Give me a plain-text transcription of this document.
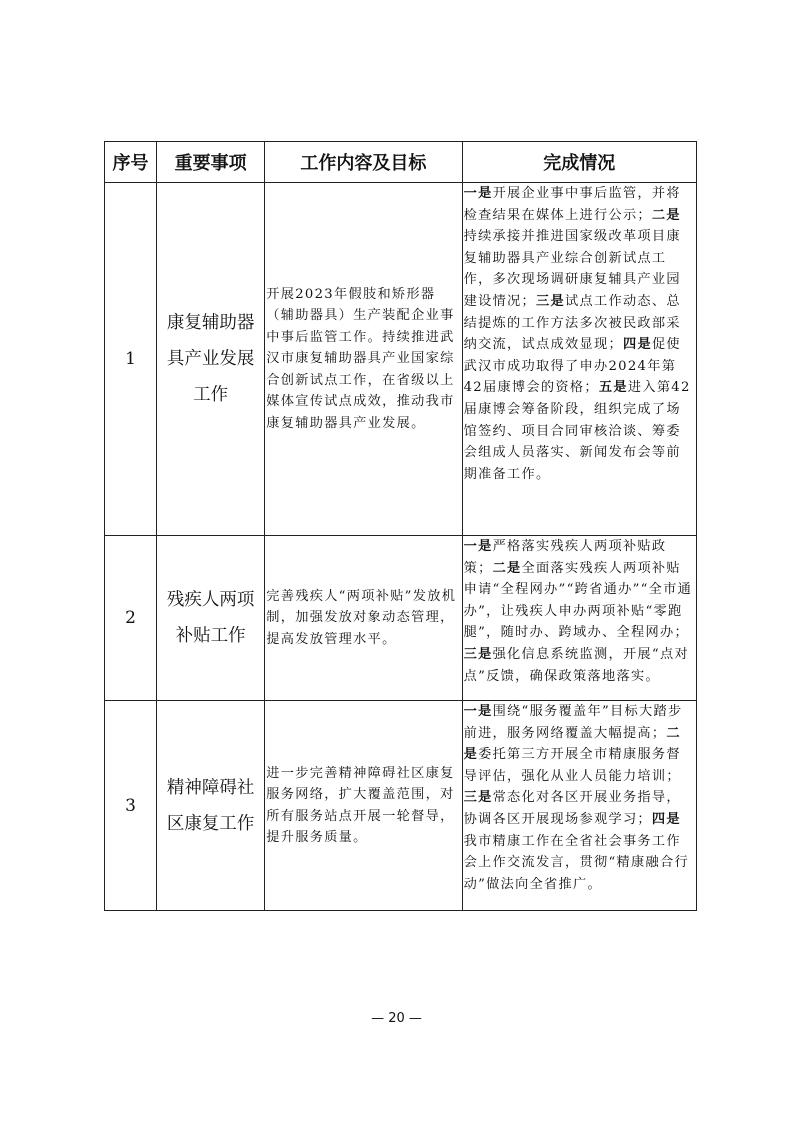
序号	重要事项	工作内容及目标	完成情况
1	康复辅助器具产业发展工作	开展2023年假肢和矫形器（辅助器具）生产装配企业事中事后监管工作。持续推进武汉市康复辅助器具产业国家综合创新试点工作，在省级以上媒体宣传试点成效，推动我市康复辅助器具产业发展。	一是开展企业事中事后监管，并将检查结果在媒体上进行公示；二是持续承接并推进国家级改革项目康复辅助器具产业综合创新试点工作，多次现场调研康复辅具产业园建设情况；三是试点工作动态、总结提炼的工作方法多次被民政部采纳交流，试点成效显现；四是促使武汉市成功取得了申办2024年第42届康博会的资格；五是进入第42届康博会筹备阶段，组织完成了场馆签约、项目合同审核洽谈、筹委会组成人员落实、新闻发布会等前期准备工作。
2	残疾人两项补贴工作	完善残疾人“两项补贴”发放机制，加强发放对象动态管理，提高发放管理水平。	一是严格落实残疾人两项补贴政策；二是全面落实残疾人两项补贴申请“全程网办”“跨省通办”“全市通办”，让残疾人申办两项补贴“零跑腿”，随时办、跨域办、全程网办；三是强化信息系统监测，开展“点对点”反馈，确保政策落地落实。
3	精神障碍社区康复工作	进一步完善精神障碍社区康复服务网络，扩大覆盖范围，对所有服务站点开展一轮督导，提升服务质量。	一是围绕“服务覆盖年”目标大踏步前进，服务网络覆盖大幅提高；二是委托第三方开展全市精康服务督导评估，强化从业人员能力培训；三是常态化对各区开展业务指导，协调各区开展现场参观学习；四是我市精康工作在全省社会事务工作会上作交流发言，贯彻“精康融合行动”做法向全省推广。
— 20 —
